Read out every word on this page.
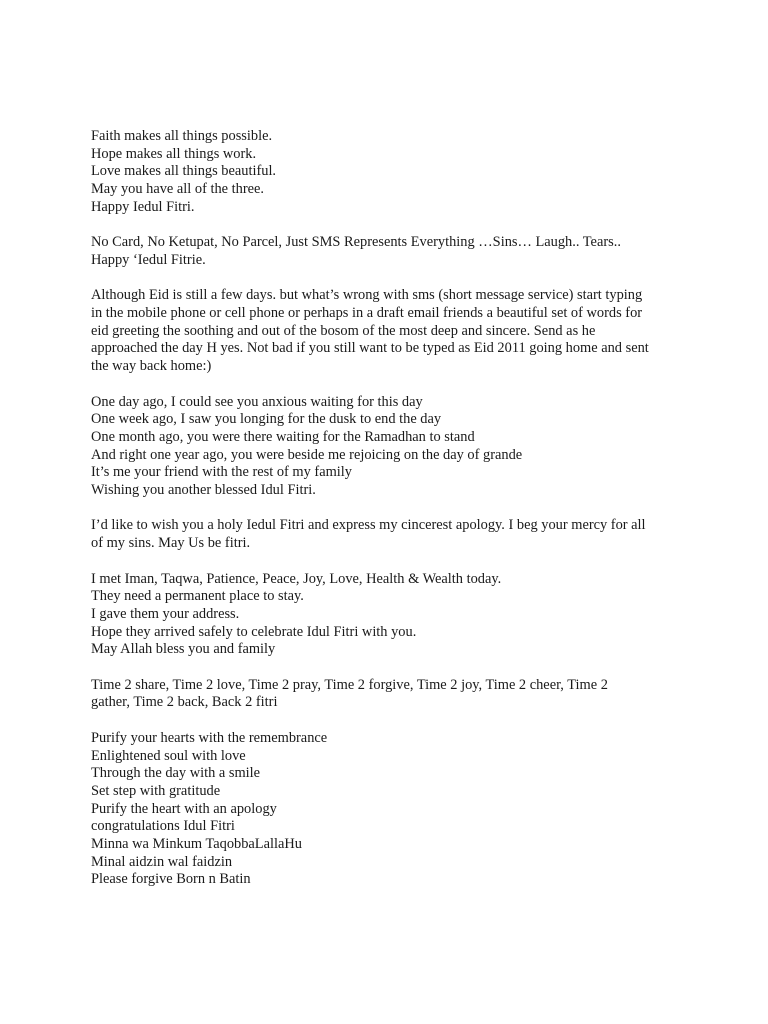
Faith makes all things possible.
Hope makes all things work.
Love makes all things beautiful.
May you have all of the three.
Happy Iedul Fitri.
No Card, No Ketupat, No Parcel, Just SMS Represents Everything …Sins… Laugh.. Tears..
Happy ‘Iedul Fitrie.
Although Eid is still a few days. but what’s wrong with sms (short message service) start typing
in the mobile phone or cell phone or perhaps in a draft email friends a beautiful set of words for
eid greeting the soothing and out of the bosom of the most deep and sincere. Send as he
approached the day H yes. Not bad if you still want to be typed as Eid 2011 going home and sent
the way back home:)
One day ago, I could see you anxious waiting for this day
One week ago, I saw you longing for the dusk to end the day
One month ago, you were there waiting for the Ramadhan to stand
And right one year ago, you were beside me rejoicing on the day of grande
It’s me your friend with the rest of my family
Wishing you another blessed Idul Fitri.
I’d like to wish you a holy Iedul Fitri and express my cincerest apology. I beg your mercy for all
of my sins. May Us be fitri.
I met Iman, Taqwa, Patience, Peace, Joy, Love, Health & Wealth today.
They need a permanent place to stay.
I gave them your address.
Hope they arrived safely to celebrate Idul Fitri with you.
May Allah bless you and family
Time 2 share, Time 2 love, Time 2 pray, Time 2 forgive, Time 2 joy, Time 2 cheer, Time 2
gather, Time 2 back, Back 2 fitri
Purify your hearts with the remembrance
Enlightened soul with love
Through the day with a smile
Set step with gratitude
Purify the heart with an apology
congratulations Idul Fitri
Minna wa Minkum TaqobbaLallaHu
Minal aidzin wal faidzin
Please forgive Born n Batin
